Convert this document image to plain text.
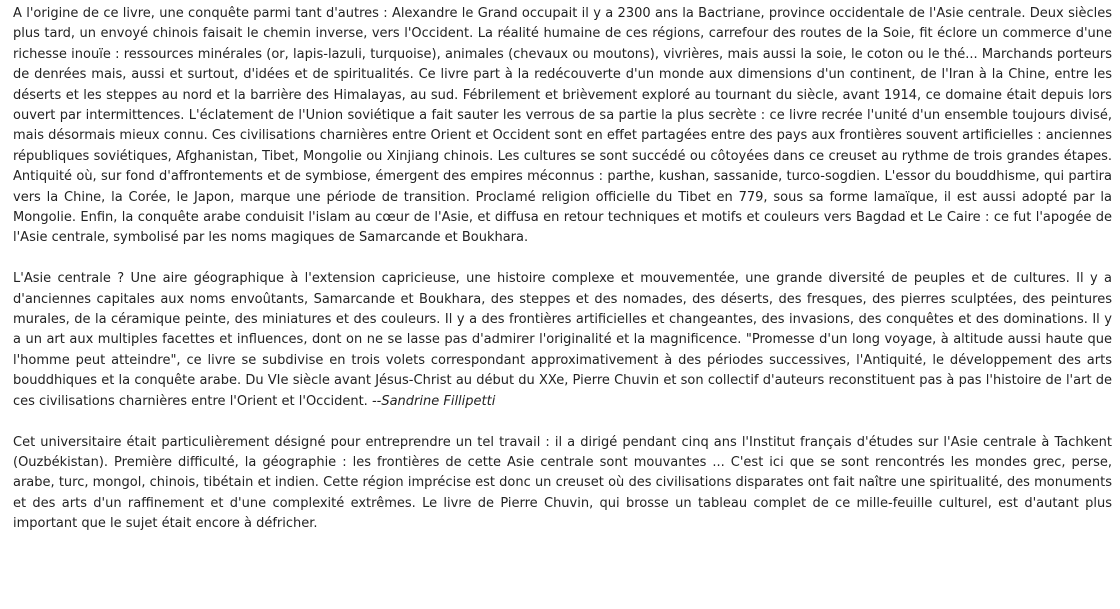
A l'origine de ce livre, une conquête parmi tant d'autres : Alexandre le Grand occupait il y a 2300 ans la Bactriane, province occidentale de l'Asie centrale. Deux siècles plus tard, un envoyé chinois faisait le chemin inverse, vers l'Occident. La réalité humaine de ces régions, carrefour des routes de la Soie, fit éclore un commerce d'une richesse inouïe : ressources minérales (or, lapis-lazuli, turquoise), animales (chevaux ou moutons), vivrières, mais aussi la soie, le coton ou le thé... Marchands porteurs de denrées mais, aussi et surtout, d'idées et de spiritualités. Ce livre part à la redécouverte d'un monde aux dimensions d'un continent, de l'Iran à la Chine, entre les déserts et les steppes au nord et la barrière des Himalayas, au sud. Fébrilement et brièvement exploré au tournant du siècle, avant 1914, ce domaine était depuis lors ouvert par intermittences. L'éclatement de l'Union soviétique a fait sauter les verrous de sa partie la plus secrète : ce livre recrée l'unité d'un ensemble toujours divisé, mais désormais mieux connu. Ces civilisations charnières entre Orient et Occident sont en effet partagées entre des pays aux frontières souvent artificielles : anciennes républiques soviétiques, Afghanistan, Tibet, Mongolie ou Xinjiang chinois. Les cultures se sont succédé ou côtoyées dans ce creuset au rythme de trois grandes étapes. Antiquité où, sur fond d'affrontements et de symbiose, émergent des empires méconnus : parthe, kushan, sassanide, turco-sogdien. L'essor du bouddhisme, qui partira vers la Chine, la Corée, le Japon, marque une période de transition. Proclamé religion officielle du Tibet en 779, sous sa forme lamaïque, il est aussi adopté par la Mongolie. Enfin, la conquête arabe conduisit l'islam au cœur de l'Asie, et diffusa en retour techniques et motifs et couleurs vers Bagdad et Le Caire : ce fut l'apogée de l'Asie centrale, symbolisé par les noms magiques de Samarcande et Boukhara.

L'Asie centrale ? Une aire géographique à l'extension capricieuse, une histoire complexe et mouvementée, une grande diversité de peuples et de cultures. Il y a d'anciennes capitales aux noms envoûtants, Samarcande et Boukhara, des steppes et des nomades, des déserts, des fresques, des pierres sculptées, des peintures murales, de la céramique peinte, des miniatures et des couleurs. Il y a des frontières artificielles et changeantes, des invasions, des conquêtes et des dominations. Il y a un art aux multiples facettes et influences, dont on ne se lasse pas d'admirer l'originalité et la magnificence. "Promesse d'un long voyage, à altitude aussi haute que l'homme peut atteindre", ce livre se subdivise en trois volets correspondant approximativement à des périodes successives, l'Antiquité, le développement des arts bouddhiques et la conquête arabe. Du VIe siècle avant Jésus-Christ au début du XXe, Pierre Chuvin et son collectif d'auteurs reconstituent pas à pas l'histoire de l'art de ces civilisations charnières entre l'Orient et l'Occident. --Sandrine Fillipetti

Cet universitaire était particulièrement désigné pour entreprendre un tel travail : il a dirigé pendant cinq ans l'Institut français d'études sur l'Asie centrale à Tachkent (Ouzbékistan). Première difficulté, la géographie : les frontières de cette Asie centrale sont mouvantes ... C'est ici que se sont rencontrés les mondes grec, perse, arabe, turc, mongol, chinois, tibétain et indien. Cette région imprécise est donc un creuset où des civilisations disparates ont fait naître une spiritualité, des monuments et des arts d'un raffinement et d'une complexité extrêmes. Le livre de Pierre Chuvin, qui brosse un tableau complet de ce mille-feuille culturel, est d'autant plus important que le sujet était encore à défricher.
